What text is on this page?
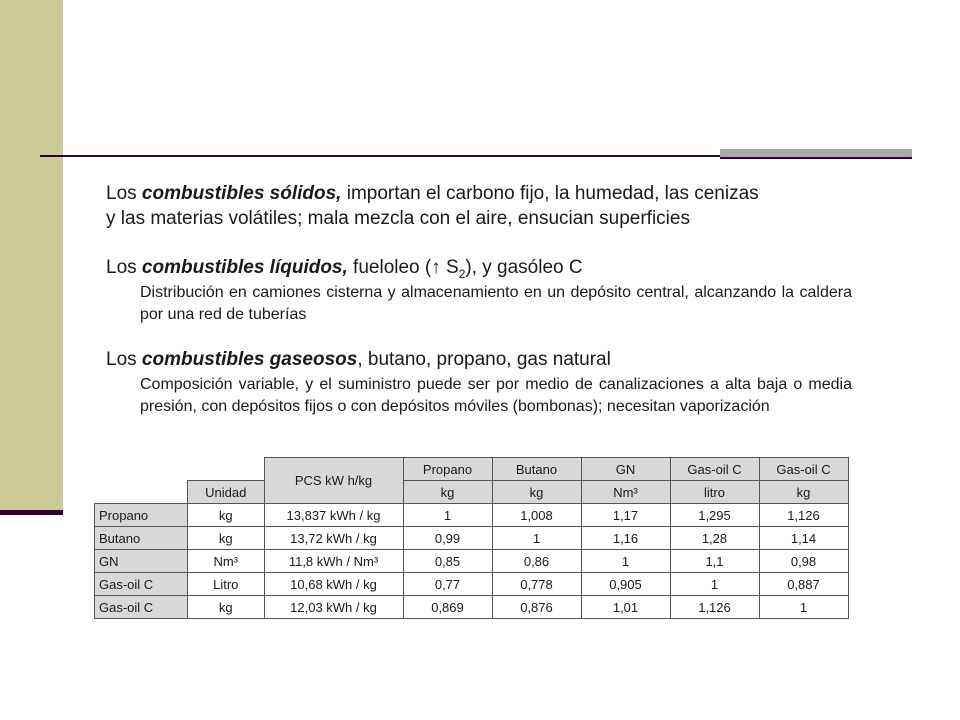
Los combustibles sólidos, importan el carbono fijo, la humedad, las cenizas
y las materias volátiles; mala mezcla con el aire, ensucian superficies
Los combustibles líquidos, fueloleo (↑ $S_2$), y gasóleo C
Distribución en camiones cisterna y almacenamiento en un depósito central, alcanzando la caldera por una red de tuberías
Los combustibles gaseosos, butano, propano, gas natural
Composición variable, y el suministro puede ser por medio de canalizaciones a alta baja o media presión, con depósitos fijos o con depósitos móviles (bombonas); necesitan vaporización
		PCS kW h/kg	Propano	Butano	GN	Gas-oil C	Gas-oil C
	Unidad		kg	kg	Nm³	litro	kg
Propano	kg	13,837 kWh / kg	1	1,008	1,17	1,295	1,126
Butano	kg	13,72 kWh / kg	0,99	1	1,16	1,28	1,14
GN	Nm³	11,8 kWh / Nm³	0,85	0,86	1	1,1	0,98
Gas-oil C	Litro	10,68 kWh / kg	0,77	0,778	0,905	1	0,887
Gas-oil C	kg	12,03 kWh / kg	0,869	0,876	1,01	1,126	1
